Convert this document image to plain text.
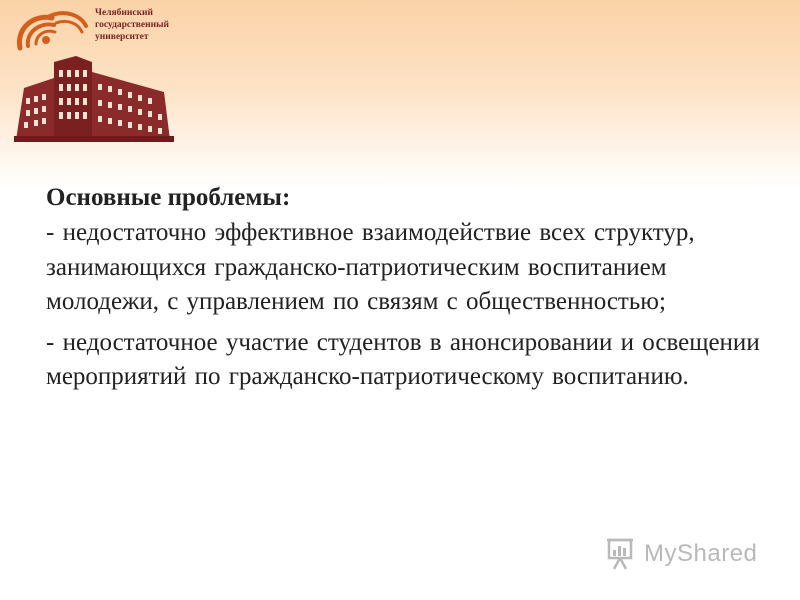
Челябинский
государственный
университет

Основные проблемы:

- недостаточно эффективное взаимодействие всех структур, занимающихся гражданско-патриотическим воспитанием молодежи, с управлением по связям с общественностью;

- недостаточное участие студентов в анонсировании и освещении мероприятий по гражданско-патриотическому воспитанию.

MyShared
